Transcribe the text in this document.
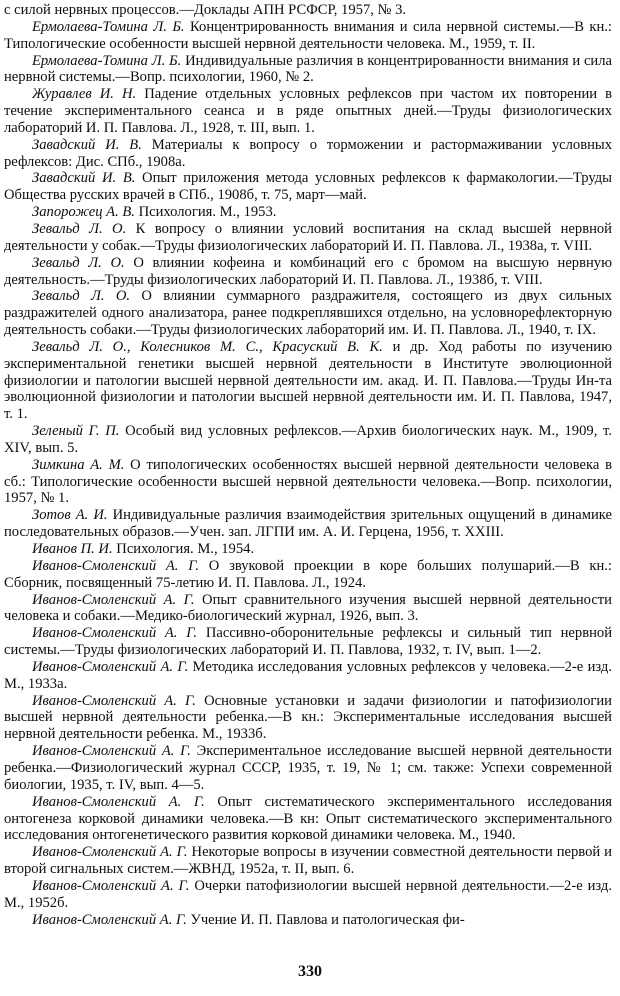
с силой нервных процессов.—Доклады АПН РСФСР, 1957, № 3.

Ермолаева-Томина Л. Б. Концентрированность внимания и сила нервной системы.—В кн.: Типологические особенности высшей нервной деятельности человека. М., 1959, т. II.

Ермолаева-Томина Л. Б. Индивидуальные различия в концентрированности внимания и сила нервной системы.—Вопр. психологии, 1960, № 2.

Журавлев И. Н. Падение отдельных условных рефлексов при частом их повторении в течение экспериментального сеанса и в ряде опытных дней.—Труды физиологических лабораторий И. П. Павлова. Л., 1928, т. III, вып. 1.

Завадский И. В. Материалы к вопросу о торможении и растормаживании условных рефлексов: Дис. СПб., 1908а.

Завадский И. В. Опыт приложения метода условных рефлексов к фармакологии.—Труды Общества русских врачей в СПб., 1908б, т. 75, март—май.

Запорожец А. В. Психология. М., 1953.

Зевальд Л. О. К вопросу о влиянии условий воспитания на склад высшей нервной деятельности у собак.—Труды физиологических лабораторий И. П. Павлова. Л., 1938а, т. VIII.

Зевальд Л. О. О влиянии кофеина и комбинаций его с бромом на высшую нервную деятельность.—Труды физиологических лабораторий И. П. Павлова. Л., 1938б, т. VIII.

Зевальд Л. О. О влиянии суммарного раздражителя, состоящего из двух сильных раздражителей одного анализатора, ранее подкреплявшихся отдельно, на условнорефлекторную деятельность собаки.—Труды физиологических лабораторий им. И. П. Павлова. Л., 1940, т. IX.

Зевальд Л. О., Колесников М. С., Красуский В. К. и др. Ход работы по изучению экспериментальной генетики высшей нервной деятельности в Институте эволюционной физиологии и патологии высшей нервной деятельности им. акад. И. П. Павлова.—Труды Ин-та эволюционной физиологии и патологии высшей нервной деятельности им. И. П. Павлова, 1947, т. 1.

Зеленый Г. П. Особый вид условных рефлексов.—Архив биологических наук. М., 1909, т. XIV, вып. 5.

Зимкина А. М. О типологических особенностях высшей нервной деятельности человека в сб.: Типологические особенности высшей нервной деятельности человека.—Вопр. психологии, 1957, № 1.

Зотов А. И. Индивидуальные различия взаимодействия зрительных ощущений в динамике последовательных образов.—Учен. зап. ЛГПИ им. А. И. Герцена, 1956, т. XXIII.

Иванов П. И. Психология. М., 1954.

Иванов-Смоленский А. Г. О звуковой проекции в коре больших полушарий.—В кн.: Сборник, посвященный 75-летию И. П. Павлова. Л., 1924.

Иванов-Смоленский А. Г. Опыт сравнительного изучения высшей нервной деятельности человека и собаки.—Медико-биологический журнал, 1926, вып. 3.

Иванов-Смоленский А. Г. Пассивно-оборонительные рефлексы и сильный тип нервной системы.—Труды физиологических лабораторий И. П. Павлова, 1932, т. IV, вып. 1—2.

Иванов-Смоленский А. Г. Методика исследования условных рефлексов у человека.—2-е изд. М., 1933а.

Иванов-Смоленский А. Г. Основные установки и задачи физиологии и патофизиологии высшей нервной деятельности ребенка.—В кн.: Экспериментальные исследования высшей нервной деятельности ребенка. М., 1933б.

Иванов-Смоленский А. Г. Экспериментальное исследование высшей нервной деятельности ребенка.—Физиологический журнал СССР, 1935, т. 19, № 1; см. также: Успехи современной биологии, 1935, т. IV, вып. 4—5.

Иванов-Смоленский А. Г. Опыт систематического экспериментального исследования онтогенеза корковой динамики человека.—В кн: Опыт систематического экспериментального исследования онтогенетического развития корковой динамики человека. М., 1940.

Иванов-Смоленский А. Г. Некоторые вопросы в изучении совместной деятельности первой и второй сигнальных систем.—ЖВНД, 1952а, т. II, вып. 6.

Иванов-Смоленский А. Г. Очерки патофизиологии высшей нервной деятельности.—2-е изд. М., 1952б.

Иванов-Смоленский А. Г. Учение И. П. Павлова и патологическая фи-

330
